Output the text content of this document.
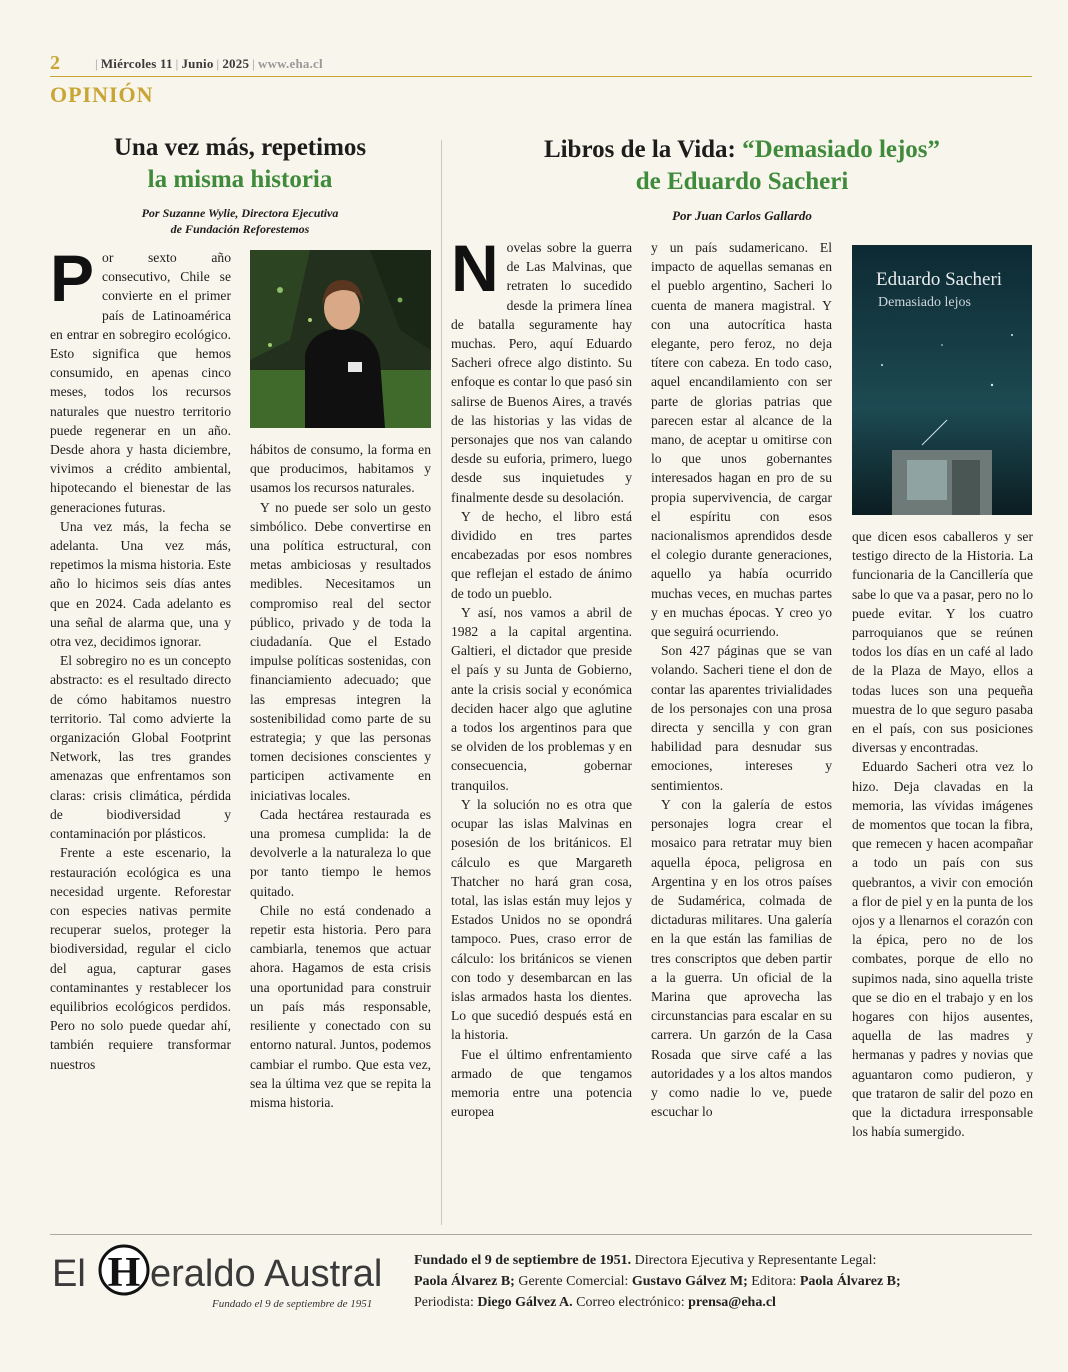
2	| Miércoles 11 | Junio | 2025 | www.eha.cl
OPINIÓN
Una vez más, repetimos
la misma historia
Por Suzanne Wylie, Directora Ejecutiva
de Fundación Reforestemos
P or sexto año consecutivo, Chile se convierte en el primer país de Latinoamérica en entrar en sobregiro ecológico. Esto significa que hemos consumido, en apenas cinco meses, todos los recursos naturales que nuestro territorio puede regenerar en un año. Desde ahora y hasta diciembre, vivimos a crédito ambiental, hipotecando el bienestar de las generaciones futuras.

Una vez más, la fecha se adelanta. Una vez más, repetimos la misma historia. Este año lo hicimos seis días antes que en 2024. Cada adelanto es una señal de alarma que, una y otra vez, decidimos ignorar.

El sobregiro no es un concepto abstracto: es el resultado directo de cómo habitamos nuestro territorio. Tal como advierte la organización Global Footprint Network, las tres grandes amenazas que enfrentamos son claras: crisis climática, pérdida de biodiversidad y contaminación por plásticos.

Frente a este escenario, la restauración ecológica es una necesidad urgente. Reforestar con especies nativas permite recuperar suelos, proteger la biodiversidad, regular el ciclo del agua, capturar gases contaminantes y restablecer los equilibrios ecológicos perdidos. Pero no solo puede quedar ahí, también requiere transformar nuestros

hábitos de consumo, la forma en que producimos, habitamos y usamos los recursos naturales.

Y no puede ser solo un gesto simbólico. Debe convertirse en una política estructural, con metas ambiciosas y resultados medibles. Necesitamos un compromiso real del sector público, privado y de toda la ciudadanía. Que el Estado impulse políticas sostenidas, con financiamiento adecuado; que las empresas integren la sostenibilidad como parte de su estrategia; y que las personas tomen decisiones conscientes y participen activamente en iniciativas locales.

Cada hectárea restaurada es una promesa cumplida: la de devolverle a la naturaleza lo que por tanto tiempo le hemos quitado.

Chile no está condenado a repetir esta historia. Pero para cambiarla, tenemos que actuar ahora. Hagamos de esta crisis una oportunidad para construir un país más responsable, resiliente y conectado con su entorno natural. Juntos, podemos cambiar el rumbo. Que esta vez, sea la última vez que se repita la misma historia.

Libros de la Vida: “Demasiado lejos”
de Eduardo Sacheri
Por Juan Carlos Gallardo
N ovelas sobre la guerra de Las Malvinas, que retraten lo sucedido desde la primera línea de batalla seguramente hay muchas. Pero, aquí Eduardo Sacheri ofrece algo distinto. Su enfoque es contar lo que pasó sin salirse de Buenos Aires, a través de las historias y las vidas de personajes que nos van calando desde su euforia, primero, luego desde sus inquietudes y finalmente desde su desolación.

Y de hecho, el libro está dividido en tres partes encabezadas por esos nombres que reflejan el estado de ánimo de todo un pueblo.

Y así, nos vamos a abril de 1982 a la capital argentina. Galtieri, el dictador que preside el país y su Junta de Gobierno, ante la crisis social y económica deciden hacer algo que aglutine a todos los argentinos para que se olviden de los problemas y en consecuencia, gobernar tranquilos.

Y la solución no es otra que ocupar las islas Malvinas en posesión de los británicos. El cálculo es que Margareth Thatcher no hará gran cosa, total, las islas están muy lejos y Estados Unidos no se opondrá tampoco. Pues, craso error de cálculo: los británicos se vienen con todo y desembarcan en las islas armados hasta los dientes. Lo que sucedió después está en la historia.

Fue el último enfrentamiento armado de que tengamos memoria entre una potencia europea

y un país sudamericano. El impacto de aquellas semanas en el pueblo argentino, Sacheri lo cuenta de manera magistral. Y con una autocrítica hasta elegante, pero feroz, no deja títere con cabeza. En todo caso, aquel encandilamiento con ser parte de glorias patrias que parecen estar al alcance de la mano, de aceptar u omitirse con lo que unos gobernantes interesados hagan en pro de su propia supervivencia, de cargar el espíritu con esos nacionalismos aprendidos desde el colegio durante generaciones, aquello ya había ocurrido muchas veces, en muchas partes y en muchas épocas. Y creo yo que seguirá ocurriendo.

Son 427 páginas que se van volando. Sacheri tiene el don de contar las aparentes trivialidades de los personajes con una prosa directa y sencilla y con gran habilidad para desnudar sus emociones, intereses y sentimientos.

Y con la galería de estos personajes logra crear el mosaico para retratar muy bien aquella época, peligrosa en Argentina y en los otros países de Sudamérica, colmada de dictaduras militares. Una galería en la que están las familias de tres conscriptos que deben partir a la guerra. Un oficial de la Marina que aprovecha las circunstancias para escalar en su carrera. Un garzón de la Casa Rosada que sirve café a las autoridades y a los altos mandos y como nadie lo ve, puede escuchar lo

Eduardo Sacheri
Demasiado lejos

que dicen esos caballeros y ser testigo directo de la Historia. La funcionaria de la Cancillería que sabe lo que va a pasar, pero no lo puede evitar. Y los cuatro parroquianos que se reúnen todos los días en un café al lado de la Plaza de Mayo, ellos a todas luces son una pequeña muestra de lo que seguro pasaba en el país, con sus posiciones diversas y encontradas.

Eduardo Sacheri otra vez lo hizo. Deja clavadas en la memoria, las vívidas imágenes de momentos que tocan la fibra, que remecen y hacen acompañar a todo un país con sus quebrantos, a vivir con emoción a flor de piel y en la punta de los ojos y a llenarnos el corazón con la épica, pero no de los combates, porque de ello no supimos nada, sino aquella triste que se dio en el trabajo y en los hogares con hijos ausentes, aquella de las madres y hermanas y padres y novias que aguantaron como pudieron, y que trataron de salir del pozo en que la dictadura irresponsable los había sumergido.

El H eraldo Austral
Fundado el 9 de septiembre de 1951
Fundado el 9 de septiembre de 1951. Directora Ejecutiva y Representante Legal:
Paola Álvarez B; Gerente Comercial: Gustavo Gálvez M; Editora: Paola Álvarez B;
Periodista: Diego Gálvez A. Correo electrónico: prensa@eha.cl
